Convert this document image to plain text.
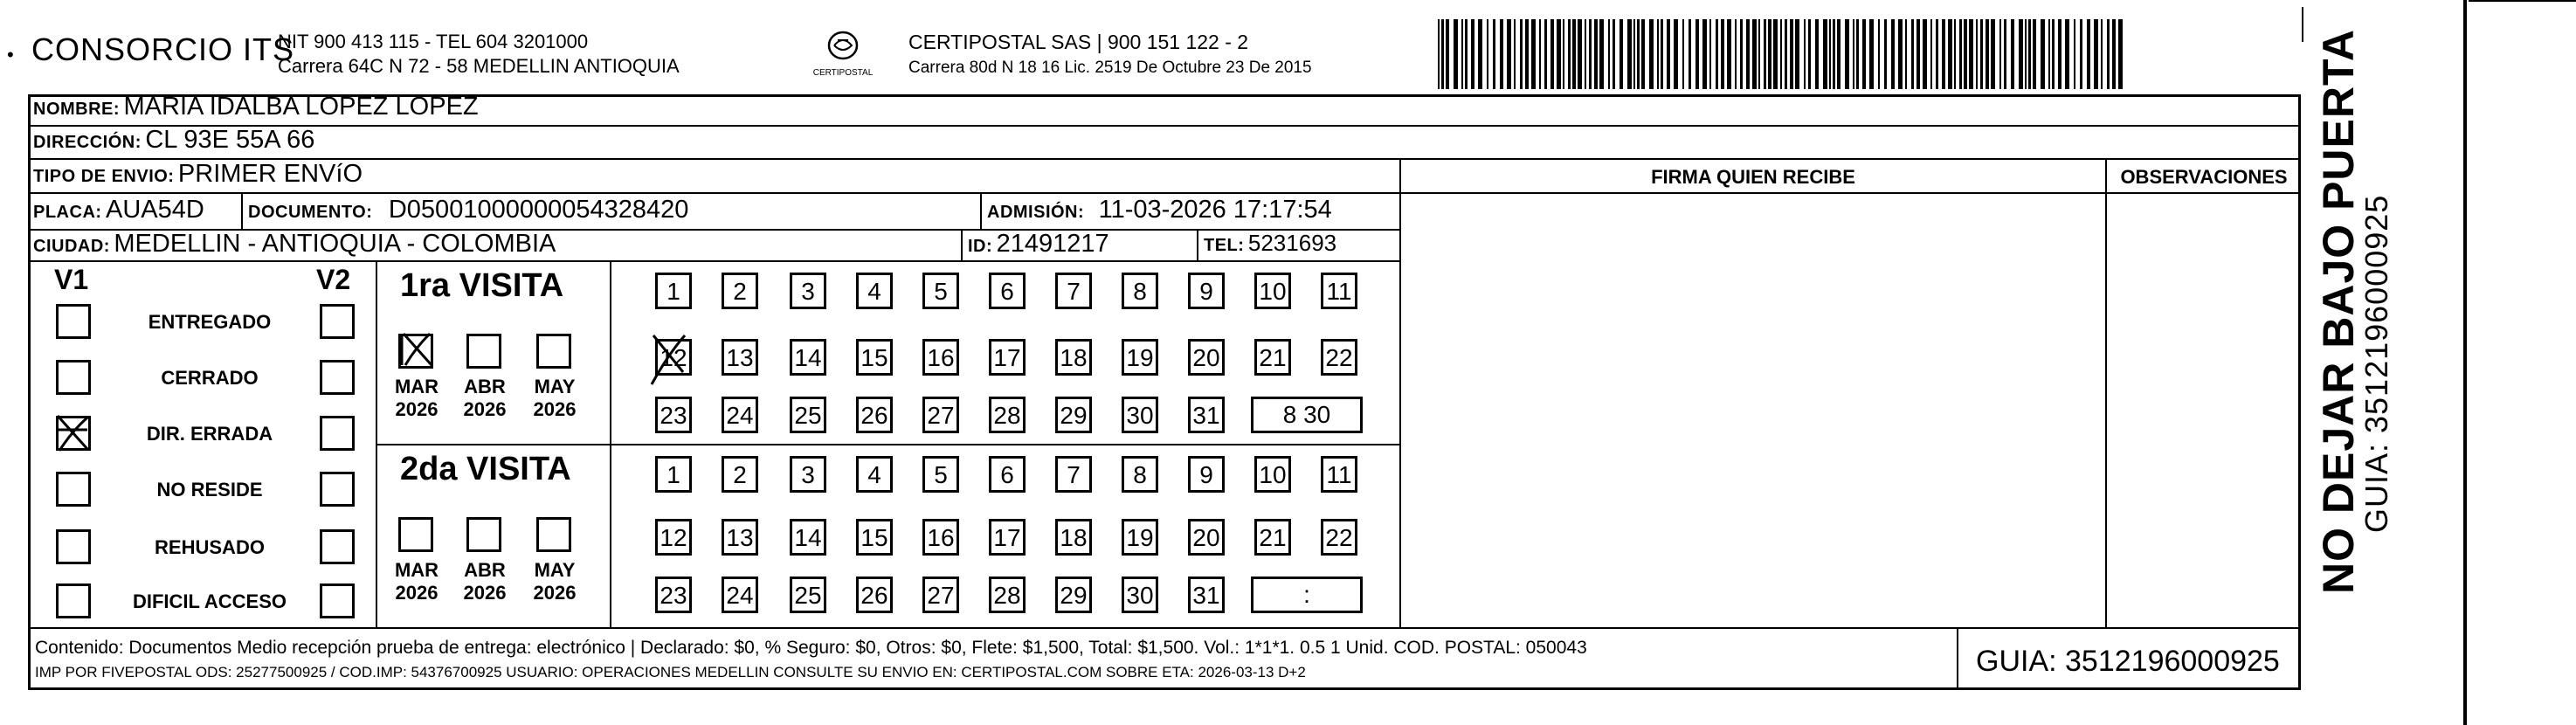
• CONSORCIO ITS
NIT 900 413 115 - TEL 604 3201000
Carrera 64C N 72 - 58 MEDELLIN ANTIOQUIA	CERTIPOSTAL
CERTIPOSTAL SAS | 900 151 122 - 2
Carrera 80d N 18 16 Lic. 2519 De Octubre 23 De 2015
FIRMA QUIEN RECIBE	OBSERVACIONES
NOMBRE: MARIA IDALBA LOPEZ LOPEZ
DIRECCIÓN: CL 93E 55A 66
TIPO DE ENVIO: PRIMER ENVíO
PLACA: AUA54D	DOCUMENTO: D05001000000054328420	ADMISIÓN: 11-03-2026 17:17:54
CIUDAD: MEDELLIN - ANTIOQUIA - COLOMBIA	ID: 21491217	TEL: 5231693
V1	V2
ENTREGADO
CERRADO
DIR. ERRADA
NO RESIDE
REHUSADO
DIFICIL ACCESO
1ra VISITA
2da VISITA
MAR
2026
ABR
2026
MAY
2026
MAR
2026
ABR
2026
MAY
2026
1	2	3	4	5	6	7	8	9	10 11
12 13 14 15 16 17 18 19 20 21 22
23 24 25 26 27 28 29 30 31	8 30
1	2	3	4	5	6	7	8	9	10 11
12 13 14 15 16 17 18 19 20 21 22
23 24 25 26 27 28 29 30 31	:
Contenido: Documentos Medio recepción prueba de entrega: electrónico | Declarado: $0, % Seguro: $0, Otros: $0, Flete: $1,500, Total: $1,500. Vol.: 1*1*1. 0.5 1 Unid. COD. POSTAL: 050043
IMP POR FIVEPOSTAL ODS: 25277500925 / COD.IMP: 54376700925 USUARIO: OPERACIONES MEDELLIN CONSULTE SU ENVIO EN: CERTIPOSTAL.COM SOBRE ETA: 2026-03-13 D+2	GUIA: 3512196000925
NO DEJAR BAJO PUERTA
GUIA: 3512196000925
